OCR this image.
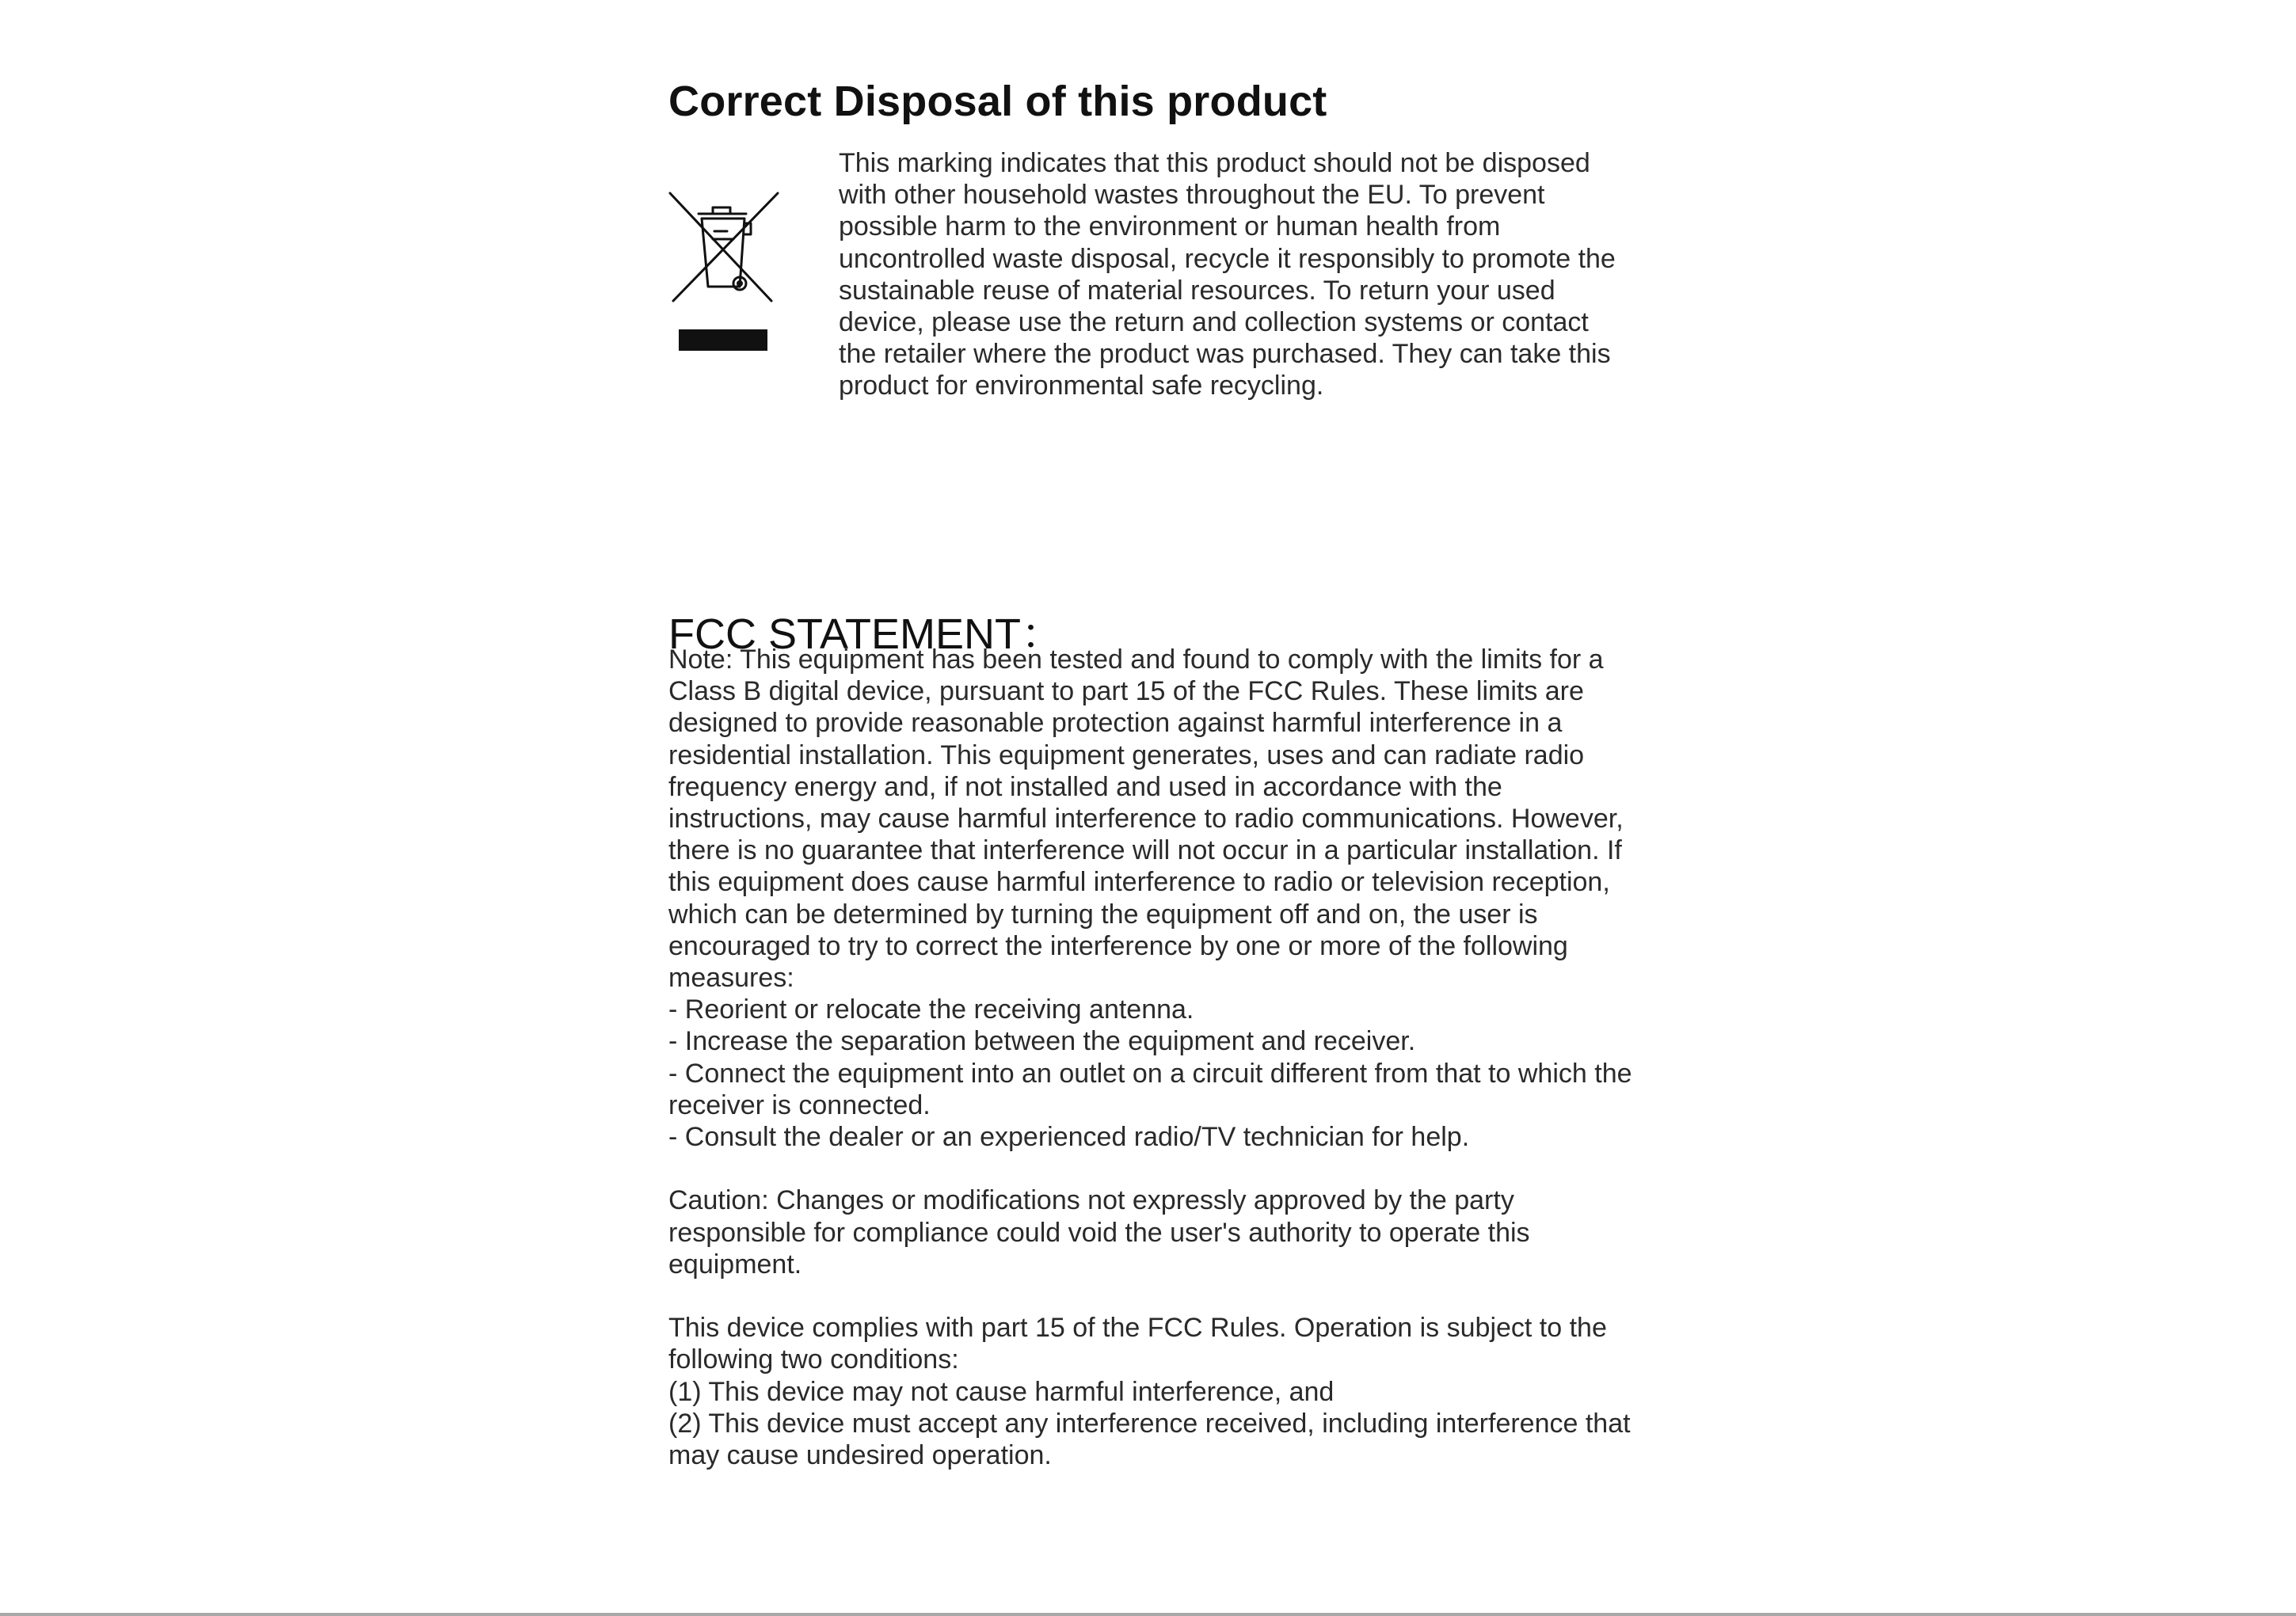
Correct Disposal of this product

This marking indicates that this product should not be disposed with other household wastes throughout the EU. To prevent possible harm to the environment or human health from uncontrolled waste disposal, recycle it responsibly to promote the sustainable reuse of material resources. To return your used device, please use the return and collection systems or contact the retailer where the product was purchased. They can take this product for environmental safe recycling.

FCC STATEMENT：

Note: This equipment has been tested and found to comply with the limits for a Class B digital device, pursuant to part 15 of the FCC Rules. These limits are designed to provide reasonable protection against harmful interference in a residential installation. This equipment generates, uses and can radiate radio frequency energy and, if not installed and used in accordance with the instructions, may cause harmful interference to radio communications. However, there is no guarantee that interference will not occur in a particular installation. If this equipment does cause harmful interference to radio or television reception, which can be determined by turning the equipment off and on, the user is encouraged to try to correct the interference by one or more of the following measures:

- Reorient or relocate the receiving antenna.

- Increase the separation between the equipment and receiver.

- Connect the equipment into an outlet on a circuit different from that to which the receiver is connected.

- Consult the dealer or an experienced radio/TV technician for help.

Caution: Changes or modifications not expressly approved by the party responsible for compliance could void the user's authority to operate this equipment.

This device complies with part 15 of the FCC Rules. Operation is subject to the following two conditions:

(1) This device may not cause harmful interference, and

(2) This device must accept any interference received, including interference that may cause undesired operation.
